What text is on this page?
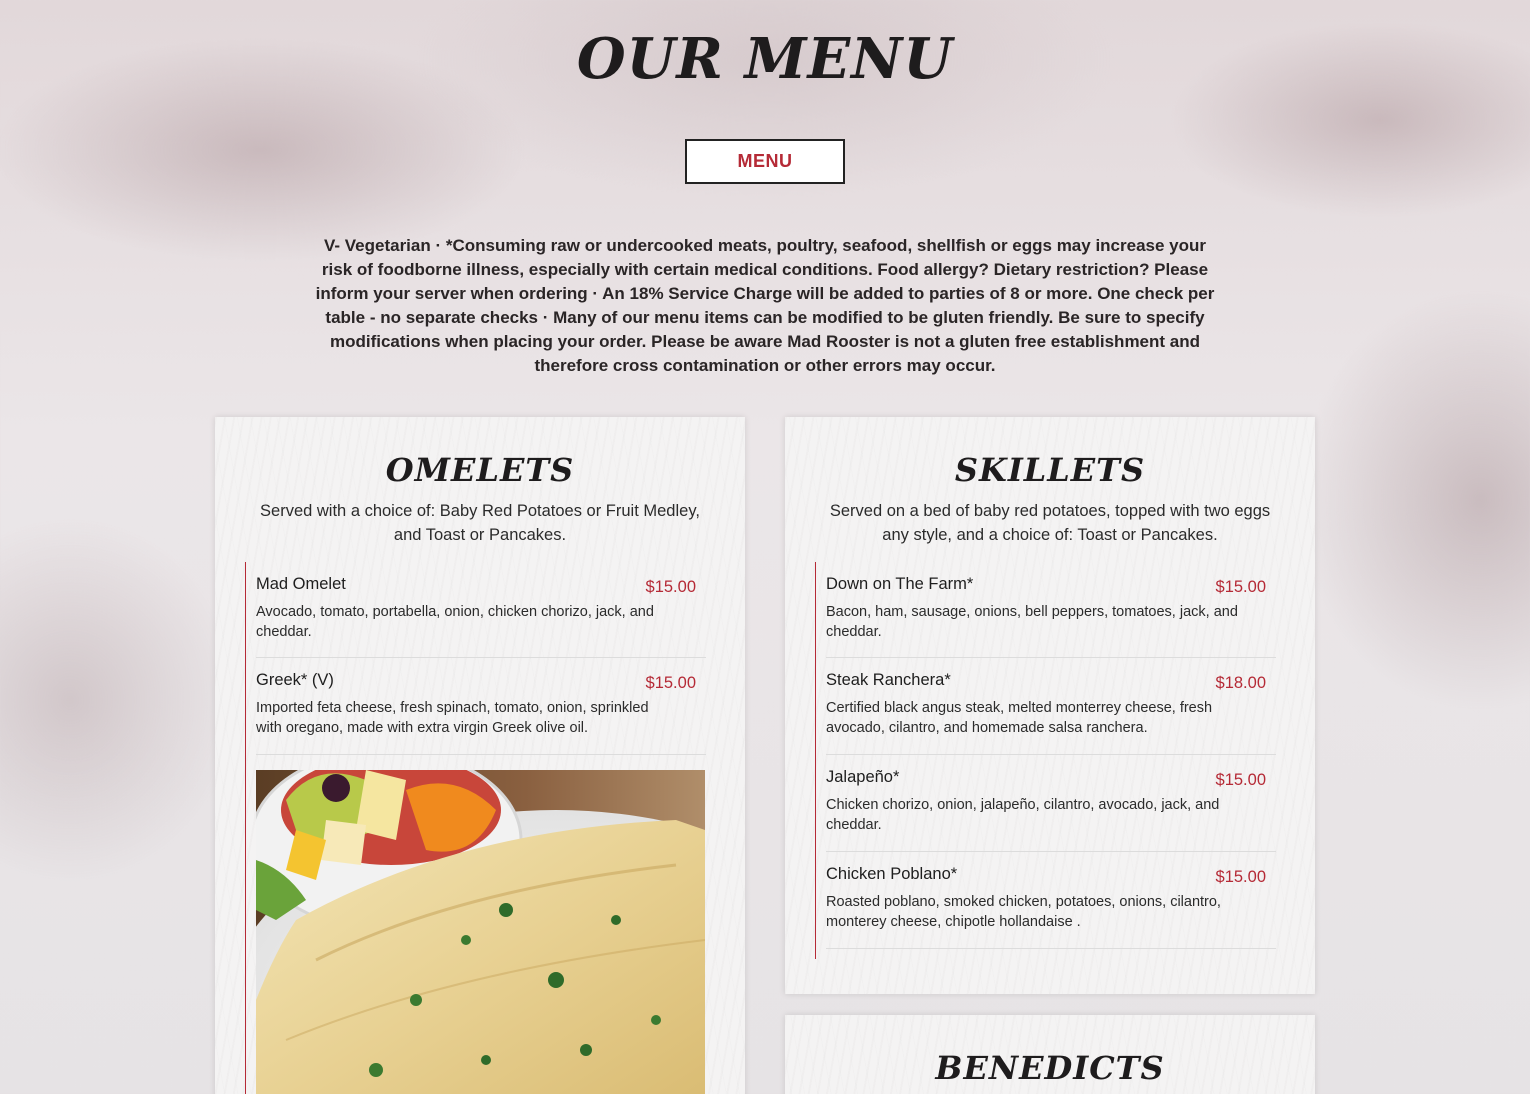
OUR MENU
MENU

V- Vegetarian · *Consuming raw or undercooked meats, poultry, seafood, shellfish or eggs may increase your risk of foodborne illness, especially with certain medical conditions. Food allergy? Dietary restriction? Please inform your server when ordering · An 18% Service Charge will be added to parties of 8 or more. One check per table - no separate checks · Many of our menu items can be modified to be gluten friendly. Be sure to specify modifications when placing your order. Please be aware Mad Rooster is not a gluten free establishment and therefore cross contamination or other errors may occur.

OMELETS

Served with a choice of: Baby Red Potatoes or Fruit Medley, and Toast or Pancakes.

Mad Omelet	$15.00
Avocado, tomato, portabella, onion, chicken chorizo, jack, and cheddar.
Greek* (V)	$15.00
Imported feta cheese, fresh spinach, tomato, onion, sprinkled with oregano, made with extra virgin Greek olive oil.
SKILLETS

Served on a bed of baby red potatoes, topped with two eggs any style, and a choice of: Toast or Pancakes.

Down on The Farm*	$15.00
Bacon, ham, sausage, onions, bell peppers, tomatoes, jack, and cheddar.
Steak Ranchera*	$18.00
Certified black angus steak, melted monterrey cheese, fresh avocado, cilantro, and homemade salsa ranchera.
Jalapeño*	$15.00
Chicken chorizo, onion, jalapeño, cilantro, avocado, jack, and cheddar.
Chicken Poblano*	$15.00
Roasted poblano, smoked chicken, potatoes, onions, cilantro, monterey cheese, chipotle hollandaise .
BENEDICTS
